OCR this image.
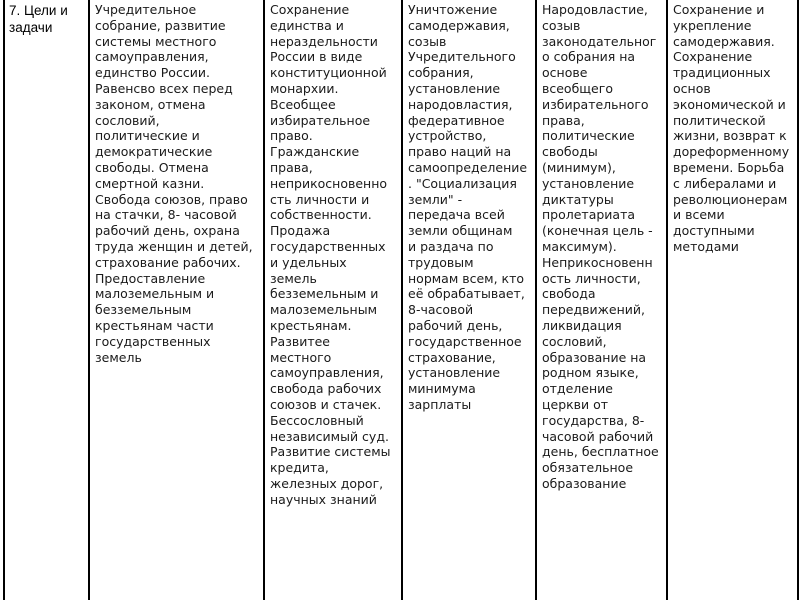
7. Цели и
задачи	Учредительное
собрание, развитие
системы местного
самоуправления,
единство России.
Равенсво всех перед
законом, отмена
сословий,
политические и
демократические
свободы. Отмена
смертной казни.
Свобода союзов, право
на стачки, 8- часовой
рабочий день, охрана
труда женщин и детей,
страхование рабочих.
Предоставление
малоземельным и
безземельным
крестьянам части
государственных
земель	Сохранение
единства и
нераздельности
России в виде
конституционной
монархии.
Всеобщее
избирательное
право.
Гражданские
права,
неприкосновенно
сть личности и
собственности.
Продажа
государственных
и удельных
земель
безземельным и
малоземельным
крестьянам.
Развитее
местного
самоуправления,
свобода рабочих
союзов и стачек.
Бессословный
независимый суд.
Развитие системы
кредита,
железных дорог,
научных знаний	Уничтожение
самодержавия,
созыв
Учредительного
собрания,
установление
народовластия,
федеративное
устройство,
право наций на
самоопределение
. "Социализация
земли" -
передача всей
земли общинам
и раздача по
трудовым
нормам всем, кто
её обрабатывает,
8-часовой
рабочий день,
государственное
страхование,
установление
минимума
зарплаты	Народовластие,
созыв
законодательног
о собрания на
основе
всеобщего
избирательного
права,
политические
свободы
(минимум),
установление
диктатуры
пролетариата
(конечная цель -
максимум).
Неприкосновенн
ость личности,
свобода
передвижений,
ликвидация
сословий,
образование на
родном языке,
отделение
церкви от
государства, 8-
часовой рабочий
день, бесплатное
обязательное
образование	Сохранение и
укрепление
самодержавия.
Сохранение
традиционных
основ
экономической и
политической
жизни, возврат к
дореформенному
времени. Борьба
с либералами и
революционерам
и всеми
доступными
методами
